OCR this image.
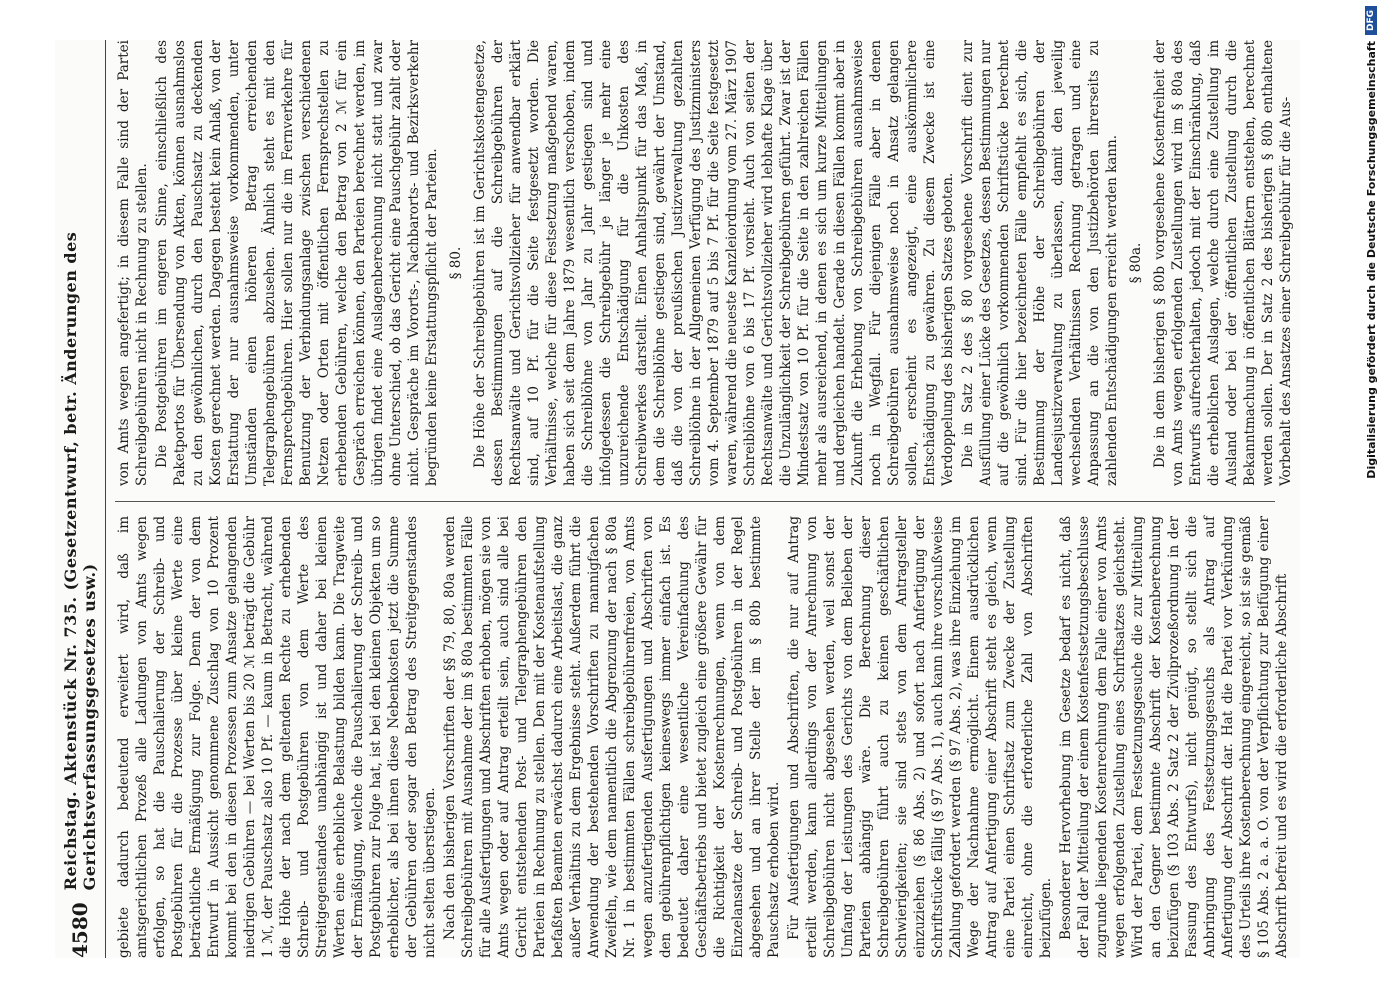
4580
Reichstag. Aktenstück Nr. 735. (Gesetzentwurf, betr. Änderungen des Gerichtsverfassungsgesetzes usw.) gebiete dadurch bedeutend erweitert wird, daß im amtsgerichtlichen Prozeß alle Ladungen von Amts wegen erfolgen, so hat die Pauschalierung der Schreib- und Postgebühren für die Prozesse über kleine Werte eine beträchtliche Ermäßigung zur Folge. Denn der von dem Entwurf in Aussicht genommene Zuschlag von 10 Prozent kommt bei den in diesen Prozessen zum Ansatze gelangenden niedrigen Gebühren — bei Werten bis 20 ℳ beträgt die Gebühr 1 ℳ, der Pauschsatz also 10 Pf. — kaum in Betracht, während die Höhe der nach dem geltenden Rechte zu erhebenden Schreib- und Postgebühren von dem Werte des Streitgegenstandes unabhängig ist und daher bei kleinen Werten eine erhebliche Belastung bilden kann. Die Tragweite der Ermäßigung, welche die Pauschalierung der Schreib- und Postgebühren zur Folge hat, ist bei den kleinen Objekten um so erheblicher, als bei ihnen diese Nebenkosten jetzt die Summe der Gebühren oder sogar den Betrag des Streitgegenstandes nicht selten überstiegen. Nach den bisherigen Vorschriften der §§ 79, 80, 80a werden Schreibgebühren mit Ausnahme der im § 80a bestimmten Fälle für alle Ausfertigungen und Abschriften erhoben, mögen sie von Amts wegen oder auf Antrag erteilt sein, auch sind alle bei Gericht entstehenden Post- und Telegraphengebühren den Parteien in Rechnung zu stellen. Den mit der Kostenaufstellung befaßten Beamten erwächst dadurch eine Arbeitslast, die ganz außer Verhältnis zu dem Ergebnisse steht. Außerdem führt die Anwendung der bestehenden Vorschriften zu mannigfachen Zweifeln, wie dem namentlich die Abgrenzung der nach § 80a Nr. 1 in bestimmten Fällen schreibgebührenfreien, von Amts wegen anzufertigenden Ausfertigungen und Abschriften von den gebührenpflichtigen keineswegs immer einfach ist. Es bedeutet daher eine wesentliche Vereinfachung des Geschäftsbetriebs und bietet zugleich eine größere Gewähr für die Richtigkeit der Kostenrechnungen, wenn von dem Einzelansatze der Schreib- und Postgebühren in der Regel abgesehen und an ihrer Stelle der im § 80b bestimmte Pauschsatz erhoben wird. Für Ausfertigungen und Abschriften, die nur auf Antrag erteilt werden, kann allerdings von der Anrechnung von Schreibgebühren nicht abgesehen werden, weil sonst der Umfang der Leistungen des Gerichts von dem Belieben der Parteien abhängig wäre. Die Berechnung dieser Schreibgebühren führt auch zu keinen geschäftlichen Schwierigkeiten; sie sind stets von dem Antragsteller einzuziehen (§ 86 Abs. 2) und sofort nach Anfertigung der Schriftstücke fällig (§ 97 Abs. 1), auch kann ihre vorschußweise Zahlung gefordert werden (§ 97 Abs. 2), was ihre Einziehung im Wege der Nachnahme ermöglicht. Einem ausdrücklichen Antrag auf Anfertigung einer Abschrift steht es gleich, wenn eine Partei einen Schriftsatz zum Zwecke der Zustellung einreicht, ohne die erforderliche Zahl von Abschriften beizufügen. Besonderer Hervorhebung im Gesetze bedarf es nicht, daß der Fall der Mitteilung der einem Kostenfestsetzungsbeschlusse zugrunde liegenden Kostenrechnung dem Falle einer von Amts wegen erfolgenden Zustellung eines Schriftsatzes gleichsteht. Wird der Partei, dem Festsetzungsgesuche die zur Mitteilung an den Gegner bestimmte Abschrift der Kostenberechnung beizufügen (§ 103 Abs. 2 Satz 2 der Zivilprozeßordnung in der Fassung des Entwurfs), nicht genügt, so stellt sich die Anbringung des Festsetzungsgesuchs als Antrag auf Anfertigung der Abschrift dar. Hat die Partei vor Verkündung des Urteils ihre Kostenberechnung eingereicht, so ist sie gemäß § 105 Abs. 2 a. a. O. von der Verpflichtung zur Beifügung einer Abschrift befreit und es wird die erforderliche Abschrift

von Amts wegen angefertigt; in diesem Falle sind der Partei Schreibgebühren nicht in Rechnung zu stellen. Die Postgebühren im engeren Sinne, einschließlich des Paketportos für Übersendung von Akten, können ausnahmslos zu den gewöhnlichen, durch den Pauschsatz zu deckenden Kosten gerechnet werden. Dagegen besteht kein Anlaß, von der Erstattung der nur ausnahmsweise vorkommenden, unter Umständen einen höheren Betrag erreichenden Telegraphengebühren abzusehen. Ähnlich steht es mit den Fernsprechgebühren. Hier sollen nur die im Fernverkehre für Benutzung der Verbindungsanlage zwischen verschiedenen Netzen oder Orten mit öffentlichen Fernsprechstellen zu erhebenden Gebühren, welche den Betrag von 2 ℳ für ein Gespräch erreichen können, den Parteien berechnet werden, im übrigen findet eine Auslagenberechnung nicht statt und zwar ohne Unterschied, ob das Gericht eine Pauschgebühr zahlt oder nicht. Gespräche im Vororts-, Nachbarorts- und Bezirksverkehr begründen keine Erstattungspflicht der Parteien. § 80. Die Höhe der Schreibgebühren ist im Gerichtskostengesetze, dessen Bestimmungen auf die Schreibgebühren der Rechtsanwälte und Gerichtsvollzieher für anwendbar erklärt sind, auf 10 Pf. für die Seite festgesetzt worden. Die Verhältnisse, welche für diese Festsetzung maßgebend waren, haben sich seit dem Jahre 1879 wesentlich verschoben, indem die Schreiblöhne von Jahr zu Jahr gestiegen sind und infolgedessen die Schreibgebühr je länger je mehr eine unzureichende Entschädigung für die Unkosten des Schreibwerkes darstellt. Einen Anhaltspunkt für das Maß, in dem die Schreiblöhne gestiegen sind, gewährt der Umstand, daß die von der preußischen Justizverwaltung gezahlten Schreiblöhne in der Allgemeinen Verfügung des Justizministers vom 4. September 1879 auf 5 bis 7 Pf. für die Seite festgesetzt waren, während die neueste Kanzleiordnung vom 27. März 1907 Schreiblöhne von 6 bis 17 Pf. vorsieht. Auch von seiten der Rechtsanwälte und Gerichtsvollzieher wird lebhafte Klage über die Unzulänglichkeit der Schreibgebühren geführt. Zwar ist der Mindestsatz von 10 Pf. für die Seite in den zahlreichen Fällen mehr als ausreichend, in denen es sich um kurze Mitteilungen und dergleichen handelt. Gerade in diesen Fällen kommt aber in Zukunft die Erhebung von Schreibgebühren ausnahmsweise noch in Wegfall. Für diejenigen Fälle aber in denen Schreibgebühren ausnahmsweise noch in Ansatz gelangen sollen, erscheint es angezeigt, eine auskömmlichere Entschädigung zu gewähren. Zu diesem Zwecke ist eine Verdoppelung des bisherigen Satzes geboten. Die in Satz 2 des § 80 vorgesehene Vorschrift dient zur Ausfüllung einer Lücke des Gesetzes, dessen Bestimmungen nur auf die gewöhnlich vorkommenden Schriftstücke berechnet sind. Für die hier bezeichneten Fälle empfiehlt es sich, die Bestimmung der Höhe der Schreibgebühren der Landesjustizverwaltung zu überlassen, damit den jeweilig wechselnden Verhältnissen Rechnung getragen und eine Anpassung an die von den Justizbehörden ihrerseits zu zahlenden Entschädigungen erreicht werden kann. § 80a. Die in dem bisherigen § 80b vorgesehene Kostenfreiheit der von Amts wegen erfolgenden Zustellungen wird im § 80a des Entwurfs aufrechterhalten, jedoch mit der Einschränkung, daß die erheblichen Auslagen, welche durch eine Zustellung im Ausland oder bei der öffentlichen Zustellung durch die Bekanntmachung in öffentlichen Blättern entstehen, berechnet werden sollen. Der in Satz 2 des bisherigen § 80b enthaltene Vorbehalt des Ansatzes einer Schreibgebühr für die Aus-	Digitalisierung gefördert durch die Deutsche Forschungsgemeinschaft
DFG
